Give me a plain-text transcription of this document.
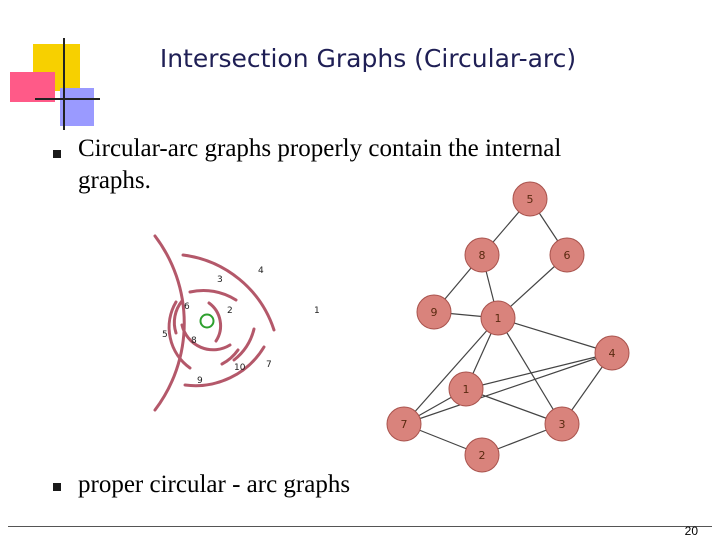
Intersection Graphs (Circular-arc)
Circular-arc graphs properly contain the internal
graphs.
proper circular - arc graphs
1
2
3
4
5
6
7
8
9
10
5
8	6
9	1
4
1
7	3
2
20
